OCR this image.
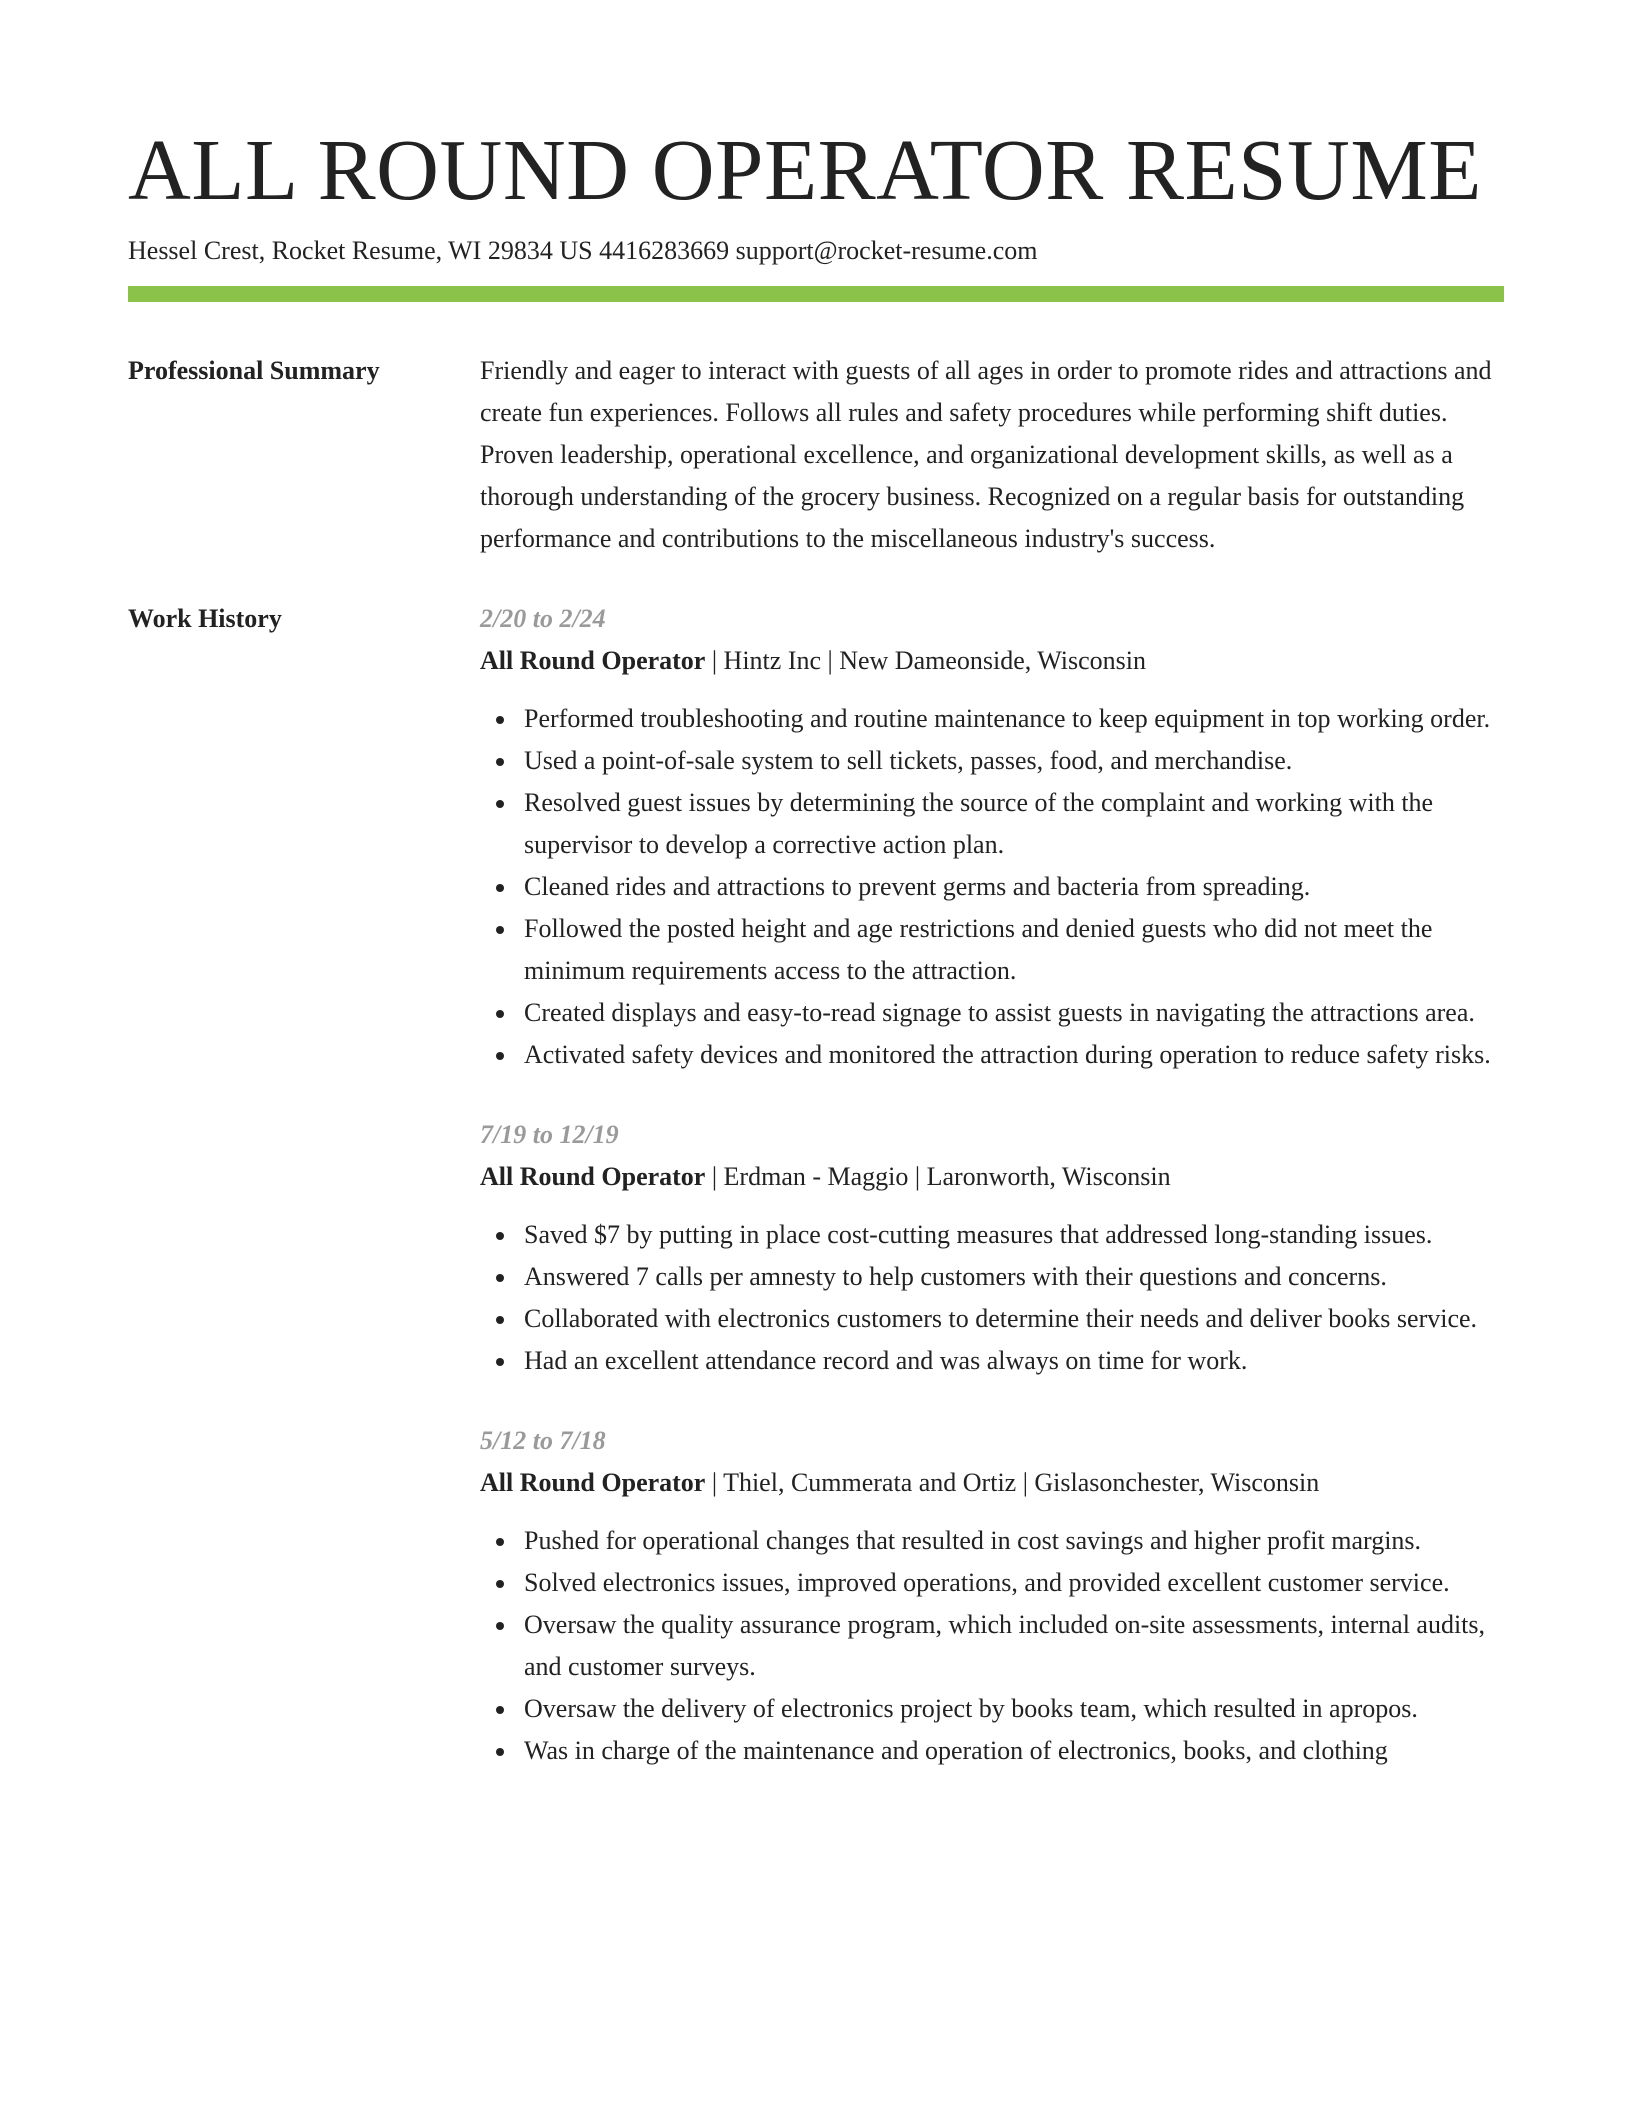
ALL ROUND OPERATOR RESUME
Hessel Crest, Rocket Resume, WI 29834 US 4416283669 support@rocket-resume.com
Professional Summary	Friendly and eager to interact with guests of all ages in order to promote rides and attractions and create fun experiences. Follows all rules and safety procedures while performing shift duties. Proven leadership, operational excellence, and organizational development skills, as well as a thorough understanding of the grocery business. Recognized on a regular basis for outstanding performance and contributions to the miscellaneous industry's success.

Work History	2/20 to 2/24
All Round Operator | Hintz Inc | New Dameonside, Wisconsin
Performed troubleshooting and routine maintenance to keep equipment in top working order.
Used a point-of-sale system to sell tickets, passes, food, and merchandise.
Resolved guest issues by determining the source of the complaint and working with the supervisor to develop a corrective action plan.
Cleaned rides and attractions to prevent germs and bacteria from spreading.
Followed the posted height and age restrictions and denied guests who did not meet the minimum requirements access to the attraction.
Created displays and easy-to-read signage to assist guests in navigating the attractions area.
Activated safety devices and monitored the attraction during operation to reduce safety risks.
7/19 to 12/19
All Round Operator | Erdman - Maggio | Laronworth, Wisconsin
Saved $7 by putting in place cost-cutting measures that addressed long-standing issues.
Answered 7 calls per amnesty to help customers with their questions and concerns.
Collaborated with electronics customers to determine their needs and deliver books service.
Had an excellent attendance record and was always on time for work.
5/12 to 7/18
All Round Operator | Thiel, Cummerata and Ortiz | Gislasonchester, Wisconsin
Pushed for operational changes that resulted in cost savings and higher profit margins.
Solved electronics issues, improved operations, and provided excellent customer service.
Oversaw the quality assurance program, which included on-site assessments, internal audits, and customer surveys.
Oversaw the delivery of electronics project by books team, which resulted in apropos.
Was in charge of the maintenance and operation of electronics, books, and clothing
